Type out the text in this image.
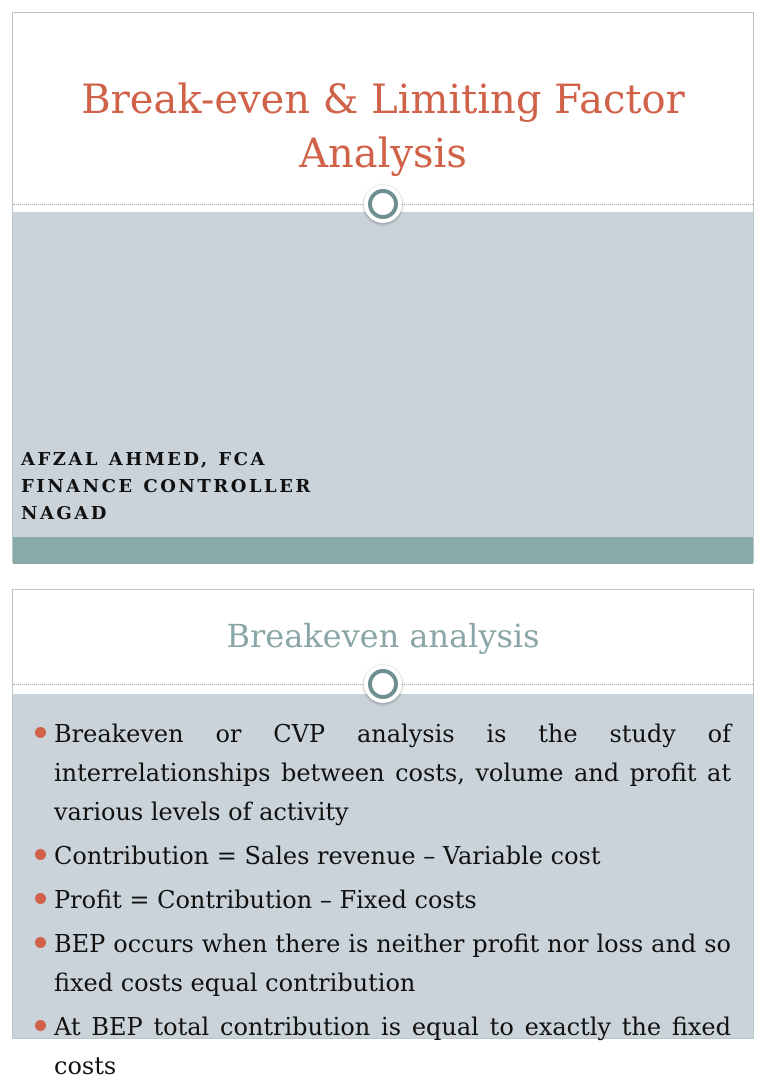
Break-even & Limiting Factor
Analysis
AFZAL AHMED, FCA
FINANCE CONTROLLER
NAGAD
Breakeven analysis
Breakeven or CVP analysis is the study of interrelationships between costs, volume and profit at various levels of activity
Contribution = Sales revenue – Variable cost
Profit = Contribution – Fixed costs
BEP occurs when there is neither profit nor loss and so fixed costs equal contribution
At BEP total contribution is equal to exactly the fixed costs
